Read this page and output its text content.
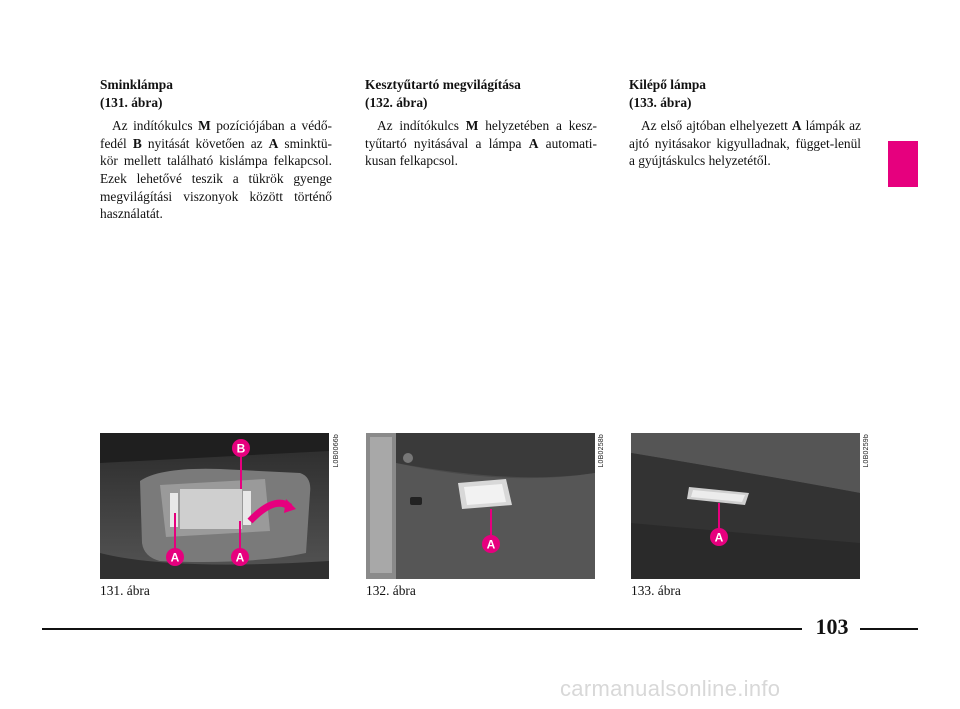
Sminklámpa
(131. ábra)

Az indítókulcs M pozíciójában a védő-fedél B nyitását követően az A sminktü-kör mellett található kislámpa felkapcsol. Ezek lehetővé teszik a tükrök gyenge megvilágítási viszonyok között történő használatát.

Kesztyűtartó megvilágítása
(132. ábra)

Az indítókulcs M helyzetében a kesz-tyűtartó nyitásával a lámpa A automati-kusan felkapcsol.

Kilépő lámpa
(133. ábra)

Az első ajtóban elhelyezett A lámpák az ajtó nyitásakor kigyulladnak, függet-lenül a gyújtáskulcs helyzetétől.

B
A	A
L0B0066b
131. ábra
A
L0B0258b
132. ábra
A
L0B0259b
133. ábra
103
carmanualsonline.info
